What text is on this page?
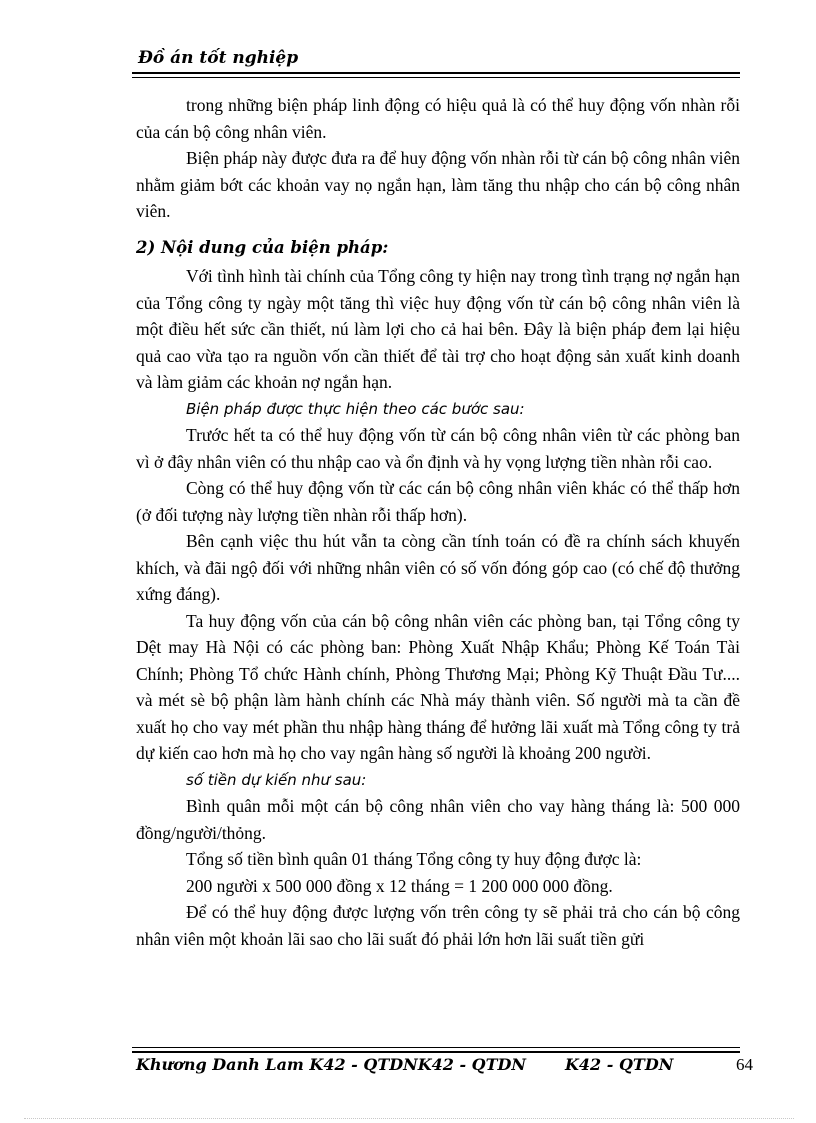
Đồ án tốt nghiệp

trong những biện pháp linh động có hiệu quả là có thể huy động vốn nhàn rỗi của cán bộ công nhân viên.

Biện pháp này được đưa ra để huy động vốn nhàn rỗi từ cán bộ công nhân viên nhằm giảm bớt các khoản vay nọ ngắn hạn, làm tăng thu nhập cho cán bộ công nhân viên.

2) Nội dung của biện pháp:

Với tình hình tài chính của Tổng công ty hiện nay trong tình trạng nợ ngắn hạn của Tổng công ty ngày một tăng thì việc huy động vốn từ cán bộ công nhân viên là một điều hết sức cần thiết, nú làm lợi cho cả hai bên. Đây là biện pháp đem lại hiệu quả cao vừa tạo ra nguồn vốn cần thiết để tài trợ cho hoạt động sản xuất kinh doanh và làm giảm các khoản nợ ngắn hạn.

Biện pháp được thực hiện theo các bước sau:

Trước hết ta có thể huy động vốn từ cán bộ công nhân viên từ các phòng ban vì ở đây nhân viên có thu nhập cao và ổn định và hy vọng lượng tiền nhàn rỗi cao.

Còng có thể huy động vốn từ các cán bộ công nhân viên khác có thể thấp hơn (ở đối tượng này lượng tiền nhàn rỗi thấp hơn).

Bên cạnh việc thu hút vẫn ta còng cần tính toán có đề ra chính sách khuyến khích, và đãi ngộ đối với những nhân viên có số vốn đóng góp cao (có chế độ thưởng xứng đáng).

Ta huy động vốn của cán bộ công nhân viên các phòng ban, tại Tổng công ty Dệt may Hà Nội có các phòng ban: Phòng Xuất Nhập Khẩu; Phòng Kế Toán Tài Chính; Phòng Tổ chức Hành chính, Phòng Thương Mại; Phòng Kỹ Thuật Đầu Tư.... và mét sè bộ phận làm hành chính các Nhà máy thành viên. Số người mà ta cần đề xuất họ cho vay mét phần thu nhập hàng tháng để hưởng lãi xuất mà Tổng công ty trả dự kiến cao hơn mà họ cho vay ngân hàng số người là khoảng 200 người.

số tiền dự kiến như sau:

Bình quân mỗi một cán bộ công nhân viên cho vay hàng tháng là: 500 000 đồng/người/thỏng.

Tổng số tiền bình quân 01 tháng Tổng công ty huy động được là:

200 người x 500 000 đồng x 12 tháng = 1 200 000 000 đồng.

Để có thể huy động được lượng vốn trên công ty sẽ phải trả cho cán bộ công nhân viên một khoản lãi sao cho lãi suất đó phải lớn hơn lãi suất tiền gửi

Khương Danh Lam K42 - QTDNK42 - QTDN       K42 - QTDN	64
